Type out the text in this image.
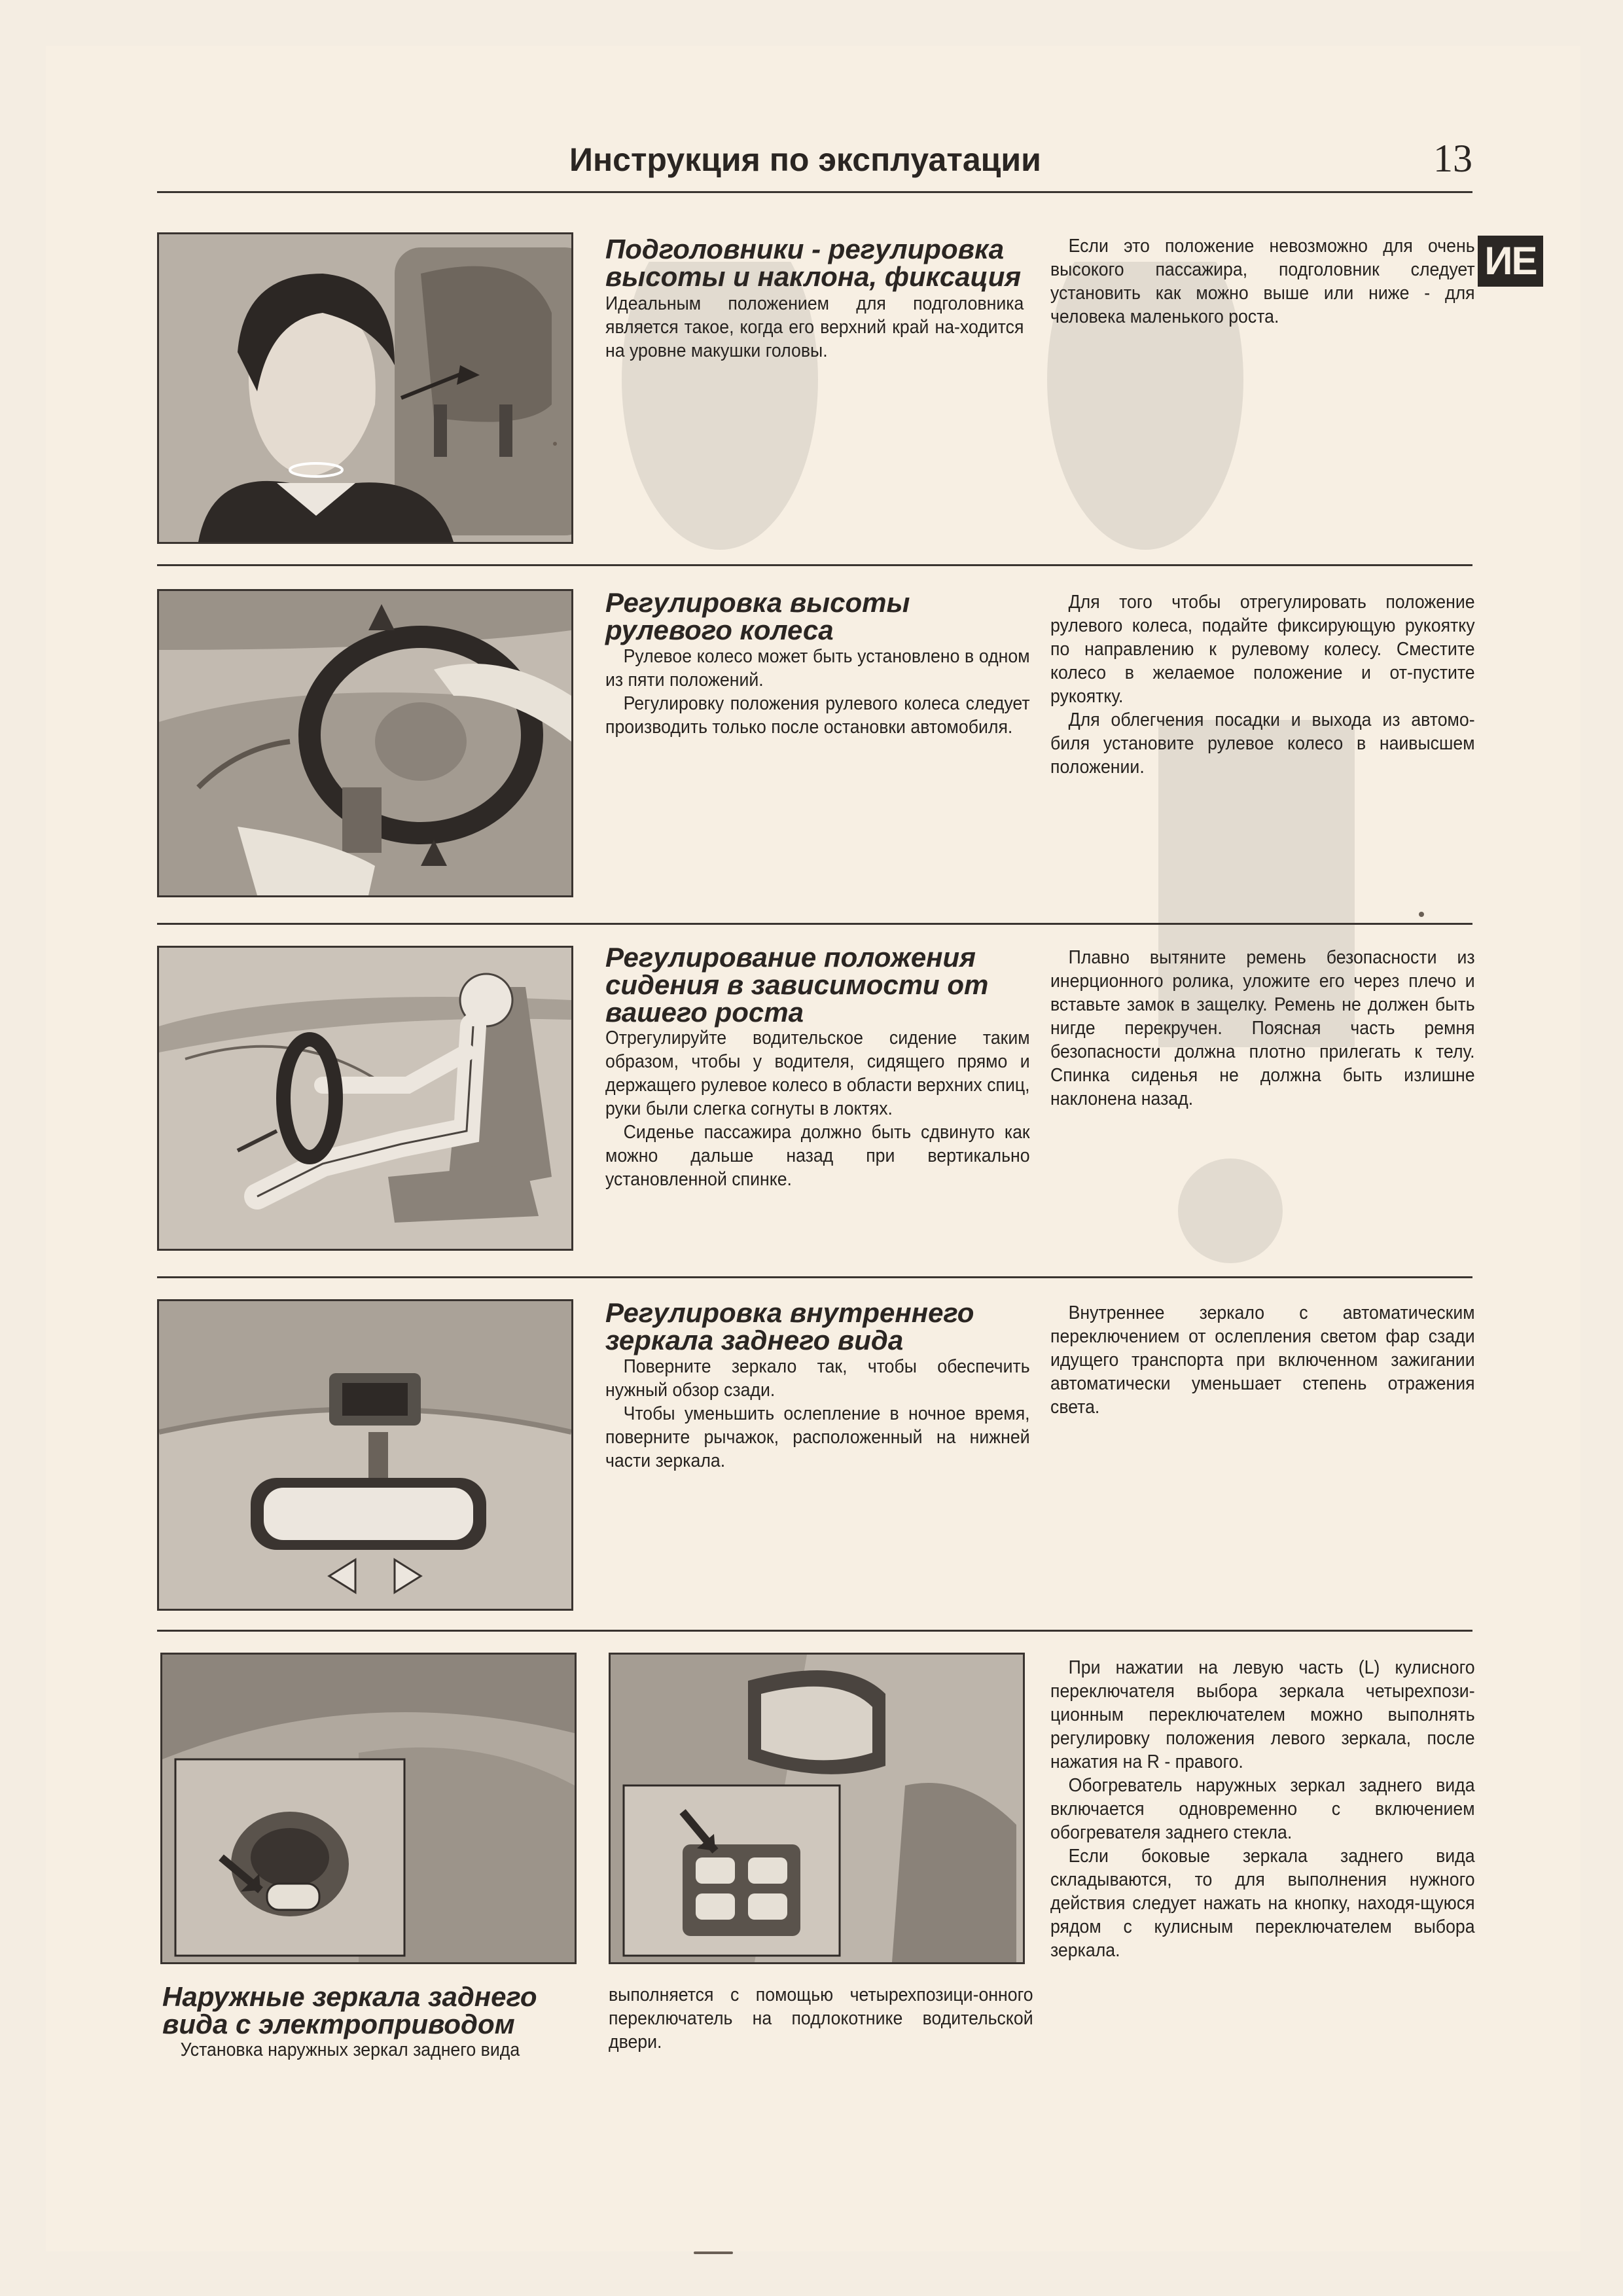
Инструкция по эксплуатации	13
ИЕ
Подголовники - регулировка
высоты и наклона, фиксация

Идеальным положением для подголовника является такое, когда его верхний край на-ходится на уровне макушки головы.

Если это положение невозможно для очень высокого пассажира, подголовник следует установить как можно выше или ниже - для человека маленького роста.

Регулировка высоты
рулевого колеса

Рулевое колесо может быть установлено в одном из пяти положений.

Регулировку положения рулевого колеса следует производить только после остановки автомобиля.

Для того чтобы отрегулировать положение рулевого колеса, подайте фиксирующую рукоятку по направлению к рулевому колесу. Сместите колесо в желаемое положение и от-пустите рукоятку.

Для облегчения посадки и выхода из автомо-биля установите рулевое колесо в наивысшем положении.

Регулирование положения
сидения в зависимости от
вашего роста

Отрегулируйте водительское сидение таким образом, чтобы у водителя, сидящего прямо и держащего рулевое колесо в области верхних спиц, руки были слегка согнуты в локтях.

Сиденье пассажира должно быть сдвинуто как можно дальше назад при вертикально установленной спинке.

Плавно вытяните ремень безопасности из инерционного ролика, уложите его через плечо и вставьте замок в защелку. Ремень не должен быть нигде перекручен. Поясная часть ремня безопасности должна плотно прилегать к телу. Спинка сиденья не должна быть излишне наклонена назад.

Регулировка внутреннего
зеркала заднего вида

Поверните зеркало так, чтобы обеспечить нужный обзор сзади.

Чтобы уменьшить ослепление в ночное время, поверните рычажок, расположенный на нижней части зеркала.

Внутреннее зеркало с автоматическим переключением от ослепления светом фар сзади идущего транспорта при включенном зажигании автоматически уменьшает степень отражения света.

Наружные зеркала заднего
вида с электроприводом

Установка наружных зеркал заднего вида

выполняется с помощью четырехпозици-онного переключатель на подлокотнике водительской двери.

При нажатии на левую часть (L) кулисного переключателя выбора зеркала четырехпози-ционным переключателем можно выполнять регулировку положения левого зеркала, после нажатия на R - правого.

Обогреватель наружных зеркал заднего вида включается одновременно с включением обогревателя заднего стекла.

Если боковые зеркала заднего вида складываются, то для выполнения нужного действия следует нажать на кнопку, находя-щуюся рядом с кулисным переключателем выбора зеркала.
